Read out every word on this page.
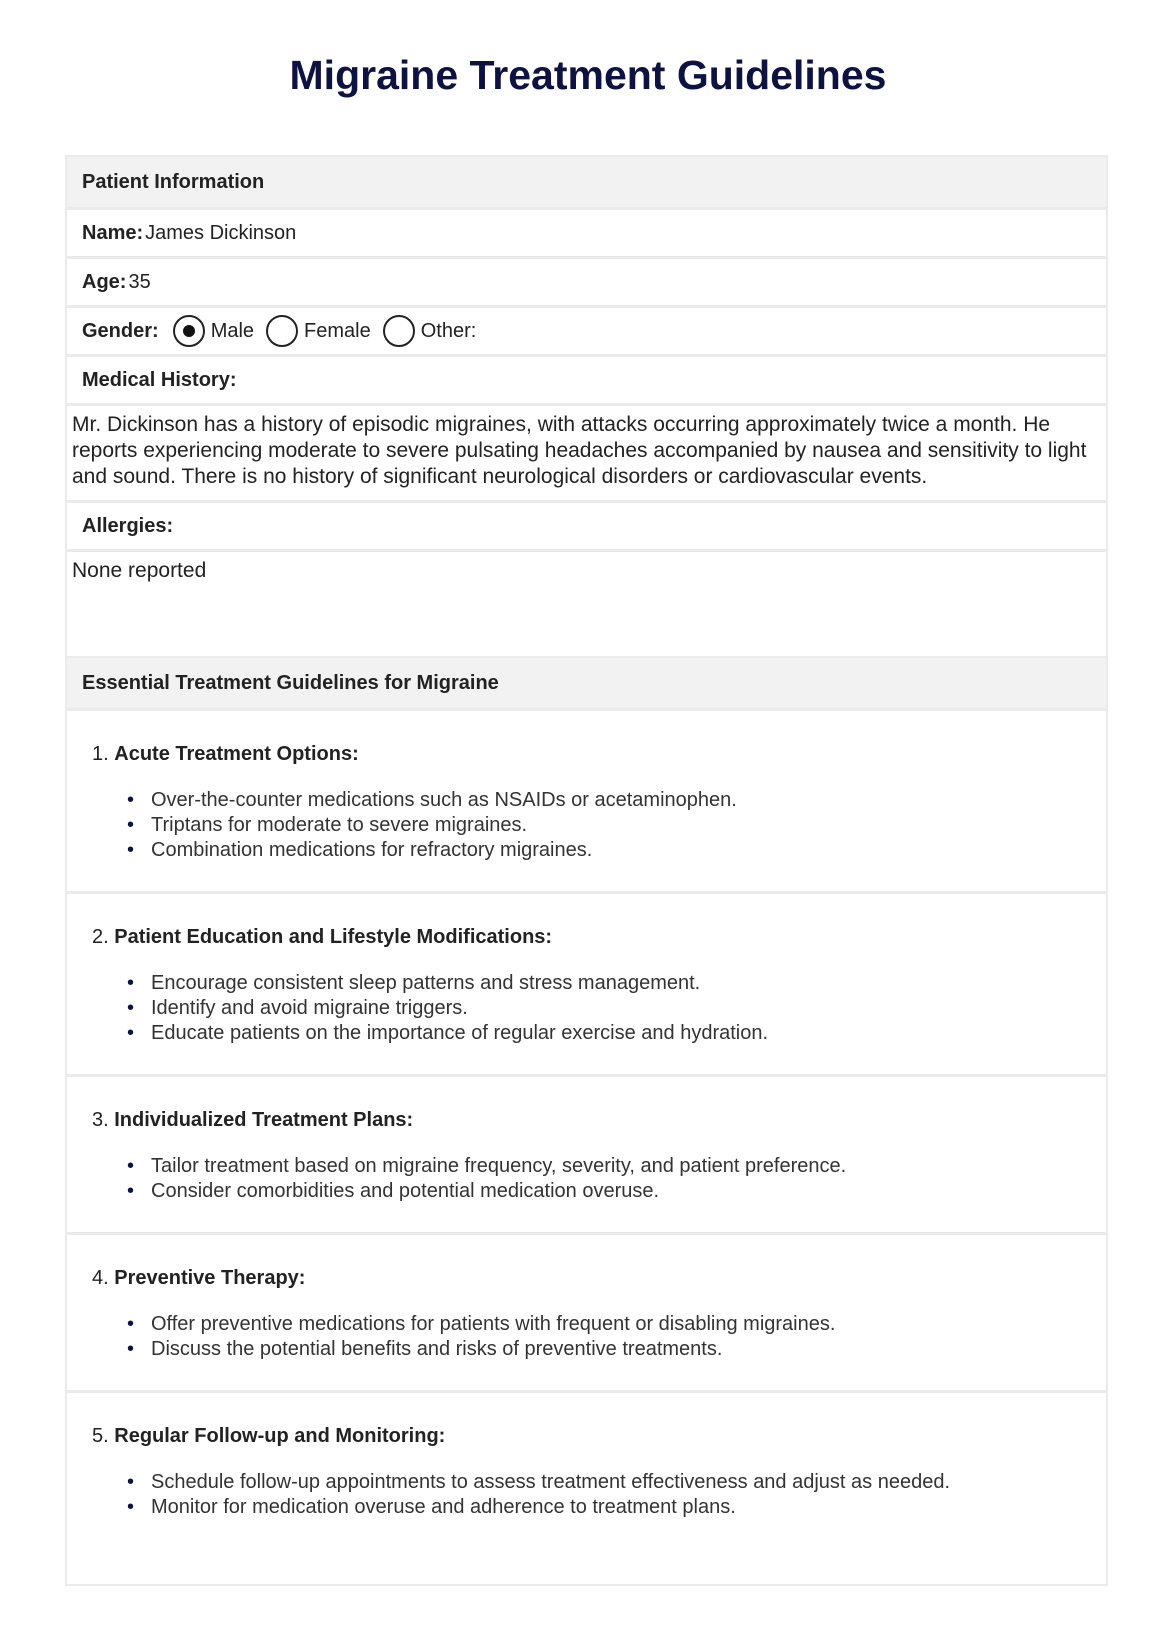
Migraine Treatment Guidelines
Patient Information
Name: James Dickinson
Age: 35
Gender:	Male	Female	Other:
Medical History:
Mr. Dickinson has a history of episodic migraines, with attacks occurring approximately twice a month. He reports experiencing moderate to severe pulsating headaches accompanied by nausea and sensitivity to light and sound. There is no history of significant neurological disorders or cardiovascular events.
Allergies:
None reported
Essential Treatment Guidelines for Migraine
1. Acute Treatment Options:
• Over-the-counter medications such as NSAIDs or acetaminophen.
• Triptans for moderate to severe migraines.
• Combination medications for refractory migraines.
2. Patient Education and Lifestyle Modifications:
• Encourage consistent sleep patterns and stress management.
• Identify and avoid migraine triggers.
• Educate patients on the importance of regular exercise and hydration.
3. Individualized Treatment Plans:
• Tailor treatment based on migraine frequency, severity, and patient preference.
• Consider comorbidities and potential medication overuse.
4. Preventive Therapy:
• Offer preventive medications for patients with frequent or disabling migraines.
• Discuss the potential benefits and risks of preventive treatments.
5. Regular Follow-up and Monitoring:
• Schedule follow-up appointments to assess treatment effectiveness and adjust as needed.
• Monitor for medication overuse and adherence to treatment plans.
